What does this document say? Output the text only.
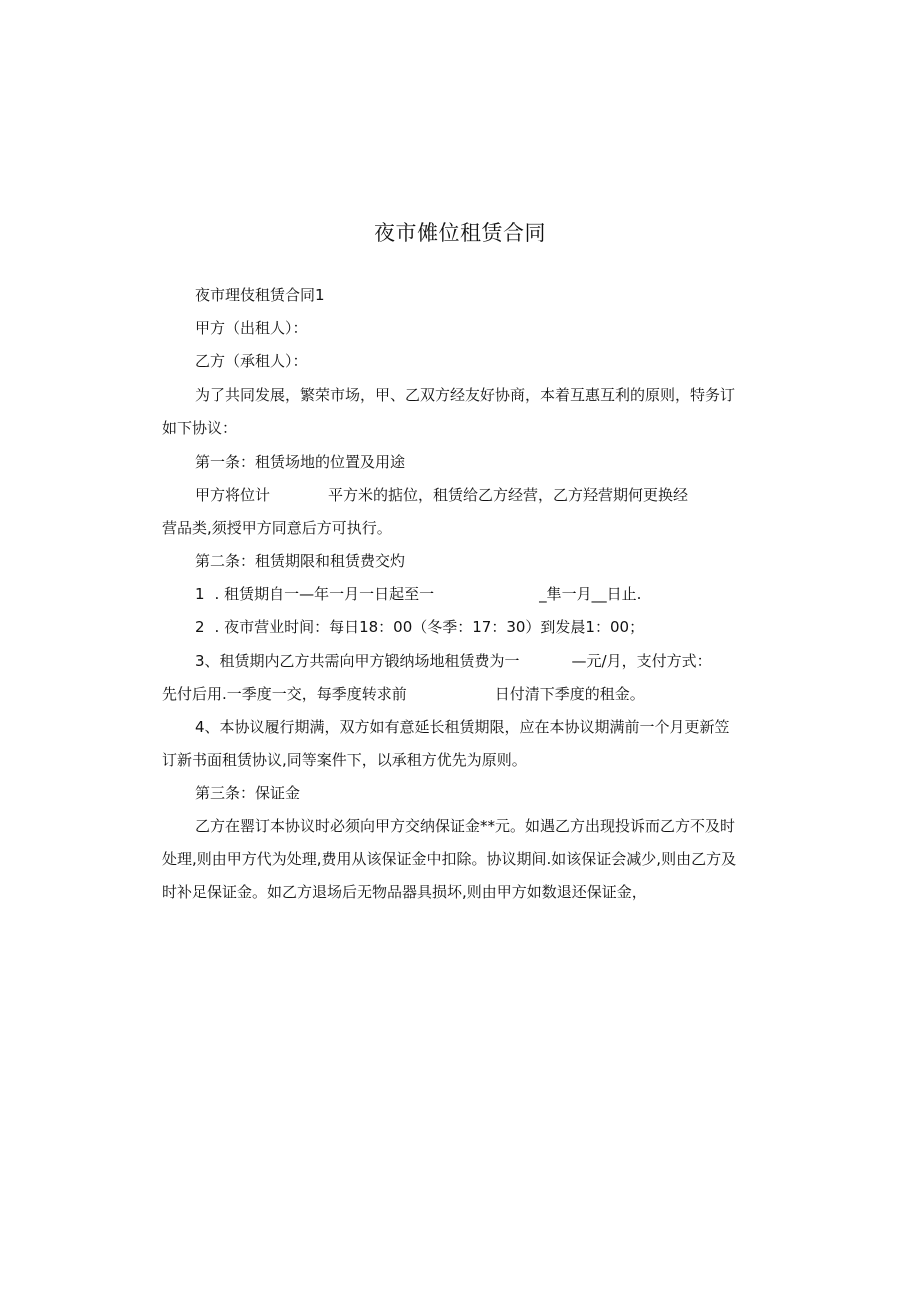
夜市傩位租赁合同
夜市理伎租赁合同1
甲方（出租人）：
乙方（承租人）：
为了共同发展，繁荣市场，甲、乙双方经友好协商，本着互惠互利的原则，特务订
如下协议：
第一条：租赁场地的位置及用途
甲方将位计	平方米的掂位，租赁给乙方经营，乙方羟营期何更换经
营品类,须授甲方同意后方可执行。
第二条：租赁期限和租赁费交灼
1 . 租赁期自一—年一月一日起至一	_隼一月__日止.
2 . 夜市营业时间：每日18：00（冬季：17：30）到发晨1：00；
3、租赁期内乙方共需向甲方锻纳场地租赁费为一	—元/月，支付方式：
先付后用.一季度一交，每季度转求前	日付清下季度的租金。
4、本协议履行期满，双方如有意延长租赁期限，应在本协议期满前一个月更新笠
订新书面租赁协议,同等案件下，以承租方优先为原则。
第三条：保证金
乙方在罂订本协议时必须向甲方交纳保证金**元。如遇乙方出现投诉而乙方不及时
处理,则由甲方代为处理,费用从该保证金中扣除。协议期间.如该保证会减少,则由乙方及
时补足保证金。如乙方退场后无物品器具损坏,则由甲方如数退还保证金，
